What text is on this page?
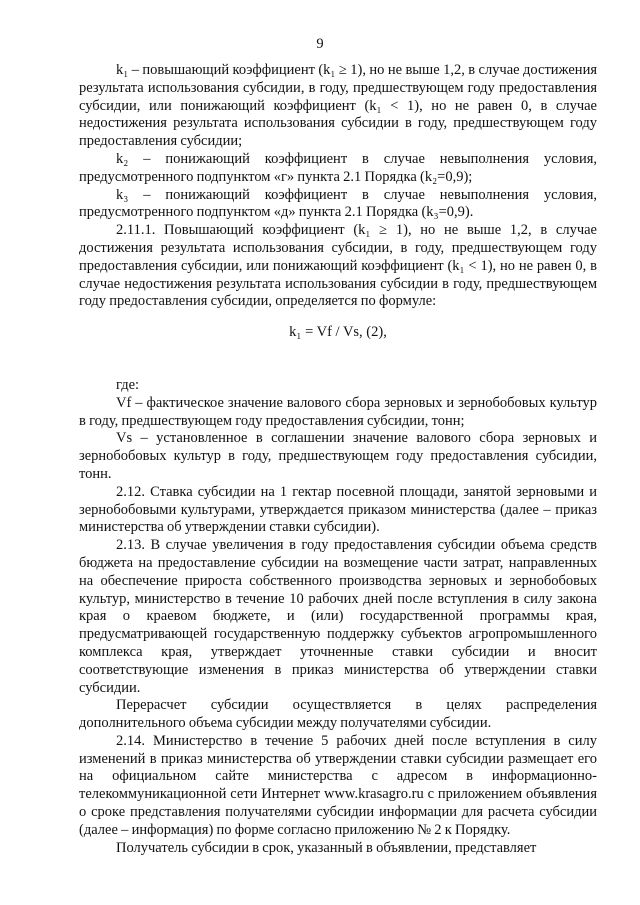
9

k₁ – повышающий коэффициент (k₁ ≥ 1), но не выше 1,2, в случае достижения результата использования субсидии, в году, предшествующем году предоставления субсидии, или понижающий коэффициент (k₁ < 1), но не равен 0, в случае недостижения результата использования субсидии в году, предшествующем году предоставления субсидии;

k₂ – понижающий коэффициент в случае невыполнения условия, предусмотренного подпунктом «г» пункта 2.1 Порядка (k₂=0,9);

k₃ – понижающий коэффициент в случае невыполнения условия, предусмотренного подпунктом «д» пункта 2.1 Порядка (k₃=0,9).

2.11.1. Повышающий коэффициент (k₁ ≥ 1), но не выше 1,2, в случае достижения результата использования субсидии, в году, предшествующем году предоставления субсидии, или понижающий коэффициент (k₁ < 1), но не равен 0, в случае недостижения результата использования субсидии в году, предшествующем году предоставления субсидии, определяется по формуле:

k₁ = Vf / Vs, (2),

где:

Vf – фактическое значение валового сбора зерновых и зернобобовых культур в году, предшествующем году предоставления субсидии, тонн;

Vs – установленное в соглашении значение валового сбора зерновых и зернобобовых культур в году, предшествующем году предоставления субсидии, тонн.

2.12. Ставка субсидии на 1 гектар посевной площади, занятой зерновыми и зернобобовыми культурами, утверждается приказом министерства (далее – приказ министерства об утверждении ставки субсидии).

2.13. В случае увеличения в году предоставления субсидии объема средств бюджета на предоставление субсидии на возмещение части затрат, направленных на обеспечение прироста собственного производства зерновых и зернобобовых культур, министерство в течение 10 рабочих дней после вступления в силу закона края о краевом бюджете, и (или) государственной программы края, предусматривающей государственную поддержку субъектов агропромышленного комплекса края, утверждает уточненные ставки субсидии и вносит соответствующие изменения в приказ министерства об утверждении ставки субсидии.

Перерасчет субсидии осуществляется в целях распределения дополнительного объема субсидии между получателями субсидии.

2.14. Министерство в течение 5 рабочих дней после вступления в силу изменений в приказ министерства об утверждении ставки субсидии размещает его на официальном сайте министерства с адресом в информационно-телекоммуникационной сети Интернет www.krasagro.ru с приложением объявления о сроке представления получателями субсидии информации для расчета субсидии (далее – информация) по форме согласно приложению № 2 к Порядку.

Получатель субсидии в срок, указанный в объявлении, представляет
